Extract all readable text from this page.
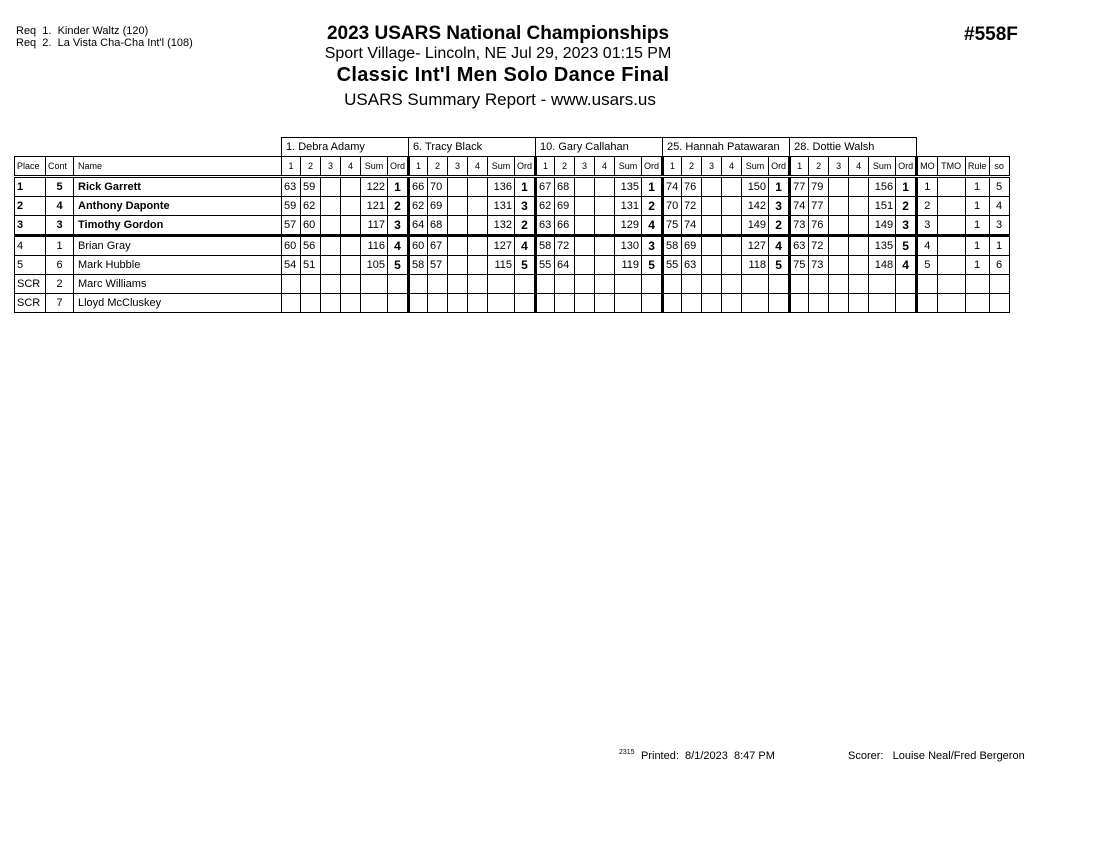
Req  1.  Kinder Waltz (120)
Req  2.  La Vista Cha-Cha Int'l (108)	2023 USARS National Championships
Sport Village- Lincoln, NE Jul 29, 2023 01:15 PM
Classic Int'l Men Solo Dance Final
USARS Summary Report - www.usars.us
#558F
			1. Debra Adamy						6. Tracy Black						10. Gary Callahan						25. Hannah Patawaran						28. Dottie Walsh									
Place	Cont	Name	1	2	3	4	Sum	Ord	1	2	3	4	Sum	Ord	1	2	3	4	Sum	Ord	1	2	3	4	Sum	Ord	1	2	3	4	Sum	Ord	MO	TMO	Rule	so
1	5	Rick Garrett	63	59			122	1	66	70			136	1	67	68			135	1	74	76			150	1	77	79			156	1	1		1	5
2	4	Anthony Daponte	59	62			121	2	62	69			131	3	62	69			131	2	70	72			142	3	74	77			151	2	2		1	4
3	3	Timothy Gordon	57	60			117	3	64	68			132	2	63	66			129	4	75	74			149	2	73	76			149	3	3		1	3
4	1	Brian Gray	60	56			116	4	60	67			127	4	58	72			130	3	58	69			127	4	63	72			135	5	4		1	1
5	6	Mark Hubble	54	51			105	5	58	57			115	5	55	64			119	5	55	63			118	5	75	73			148	4	5		1	6
SCR	2	Marc Williams																																		
SCR	7	Lloyd McCluskey																																		
2315 Printed:  8/1/2023  8:47 PM	Scorer:   Louise Neal/Fred Bergeron
